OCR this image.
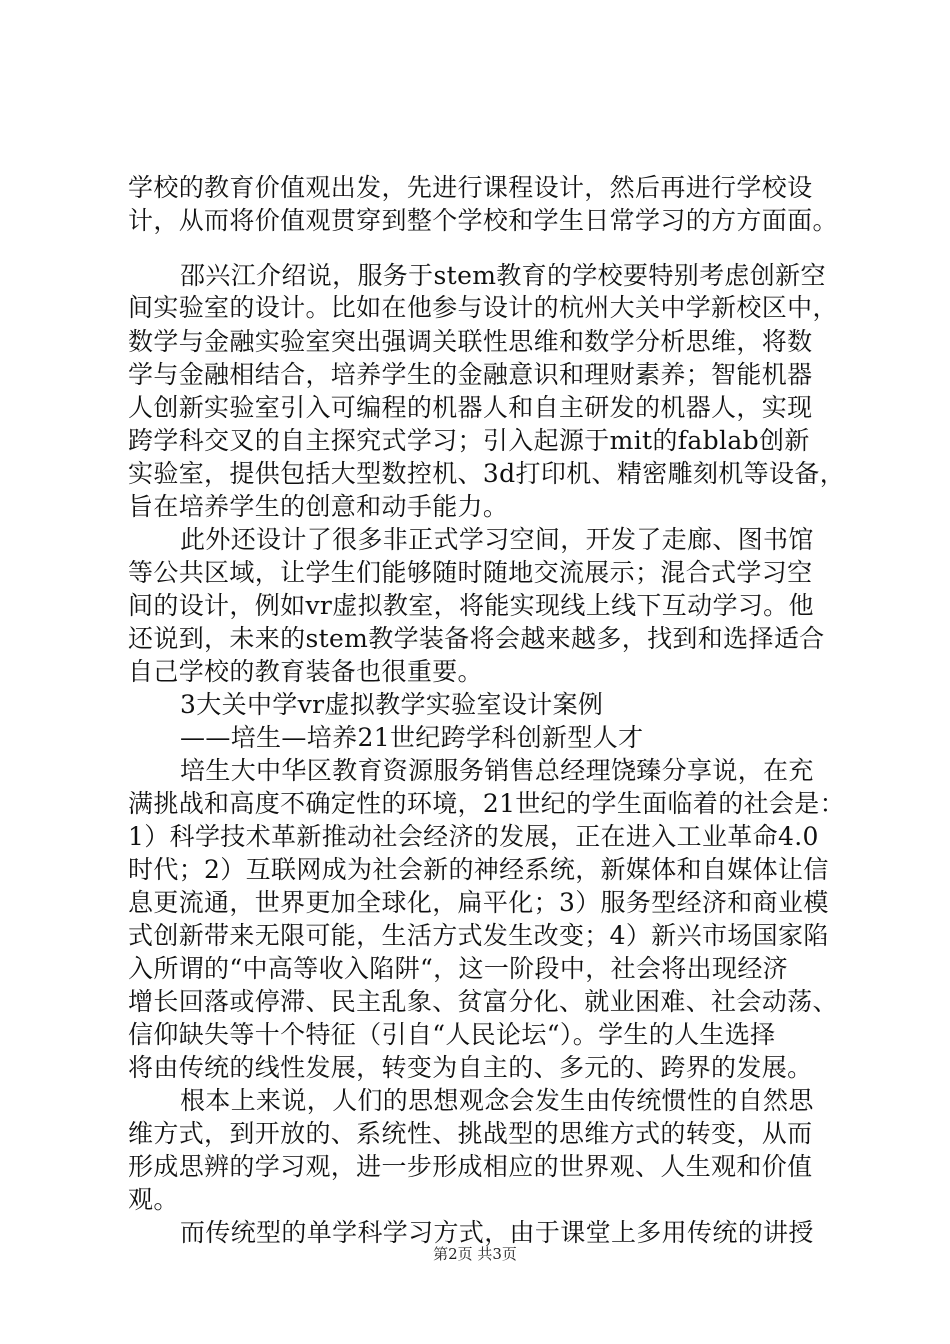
学校的教育价值观出发，先进行课程设计，然后再进行学校设
计，从而将价值观贯穿到整个学校和学生日常学习的方方面面。
邵兴江介绍说，服务于stem教育的学校要特别考虑创新空
间实验室的设计。比如在他参与设计的杭州大关中学新校区中，
数学与金融实验室突出强调关联性思维和数学分析思维，将数
学与金融相结合，培养学生的金融意识和理财素养；智能机器
人创新实验室引入可编程的机器人和自主研发的机器人，实现
跨学科交叉的自主探究式学习；引入起源于mit的fablab创新
实验室，提供包括大型数控机、3d打印机、精密雕刻机等设备，
旨在培养学生的创意和动手能力。
此外还设计了很多非正式学习空间，开发了走廊、图书馆
等公共区域，让学生们能够随时随地交流展示；混合式学习空
间的设计，例如vr虚拟教室，将能实现线上线下互动学习。他
还说到，未来的stem教学装备将会越来越多，找到和选择适合
自己学校的教育装备也很重要。
3大关中学vr虚拟教学实验室设计案例
——培生—培养21世纪跨学科创新型人才
培生大中华区教育资源服务销售总经理饶臻分享说，在充
满挑战和高度不确定性的环境，21世纪的学生面临着的社会是：
1）科学技术革新推动社会经济的发展，正在进入工业革命4.0
时代；2）互联网成为社会新的神经系统，新媒体和自媒体让信
息更流通，世界更加全球化，扁平化；3）服务型经济和商业模
式创新带来无限可能，生活方式发生改变；4）新兴市场国家陷
入所谓的“中高等收入陷阱“，这一阶段中，社会将出现经济
增长回落或停滞、民主乱象、贫富分化、就业困难、社会动荡、
信仰缺失等十个特征（引自“人民论坛“）。学生的人生选择
将由传统的线性发展，转变为自主的、多元的、跨界的发展。
根本上来说，人们的思想观念会发生由传统惯性的自然思
维方式，到开放的、系统性、挑战型的思维方式的转变，从而
形成思辨的学习观，进一步形成相应的世界观、人生观和价值
观。
而传统型的单学科学习方式，由于课堂上多用传统的讲授
第2页 共3页
